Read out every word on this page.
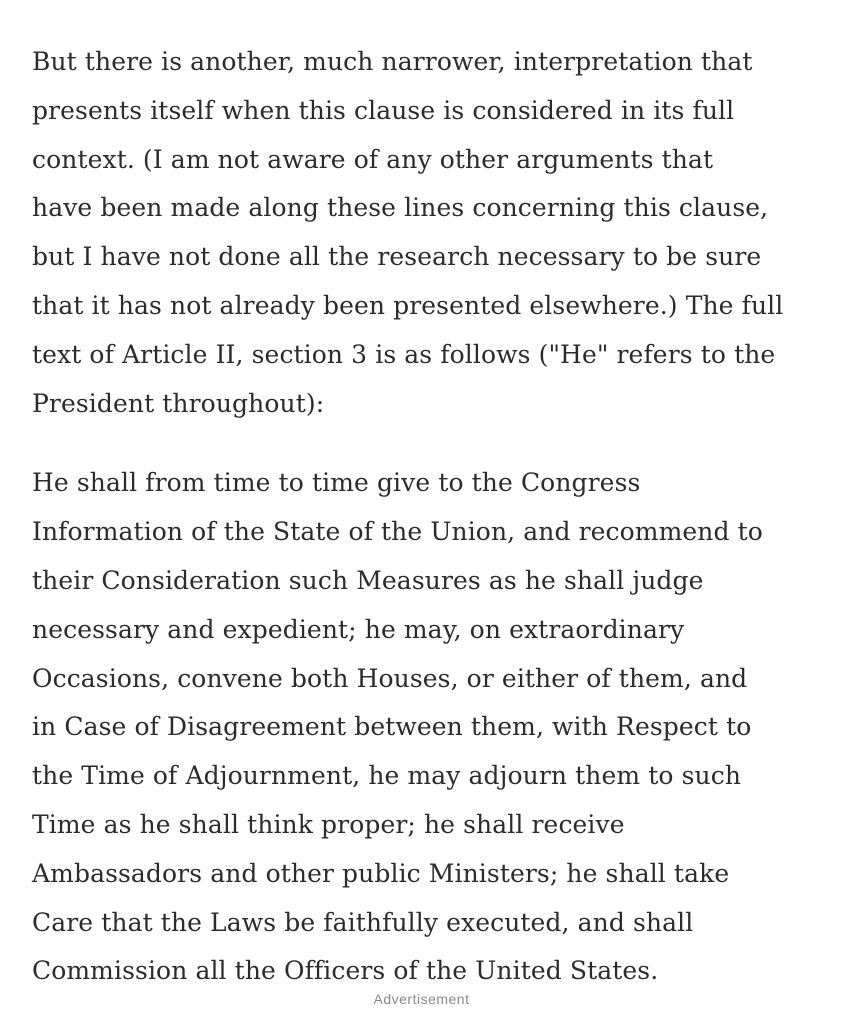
But there is another, much narrower, interpretation that
presents itself when this clause is considered in its full
context. (I am not aware of any other arguments that
have been made along these lines concerning this clause,
but I have not done all the research necessary to be sure
that it has not already been presented elsewhere.) The full
text of Article II, section 3 is as follows ("He" refers to the
President throughout):

He shall from time to time give to the Congress
Information of the State of the Union, and recommend to
their Consideration such Measures as he shall judge
necessary and expedient; he may, on extraordinary
Occasions, convene both Houses, or either of them, and
in Case of Disagreement between them, with Respect to
the Time of Adjournment, he may adjourn them to such
Time as he shall think proper; he shall receive
Ambassadors and other public Ministers; he shall take
Care that the Laws be faithfully executed, and shall
Commission all the Officers of the United States.

Advertisement
